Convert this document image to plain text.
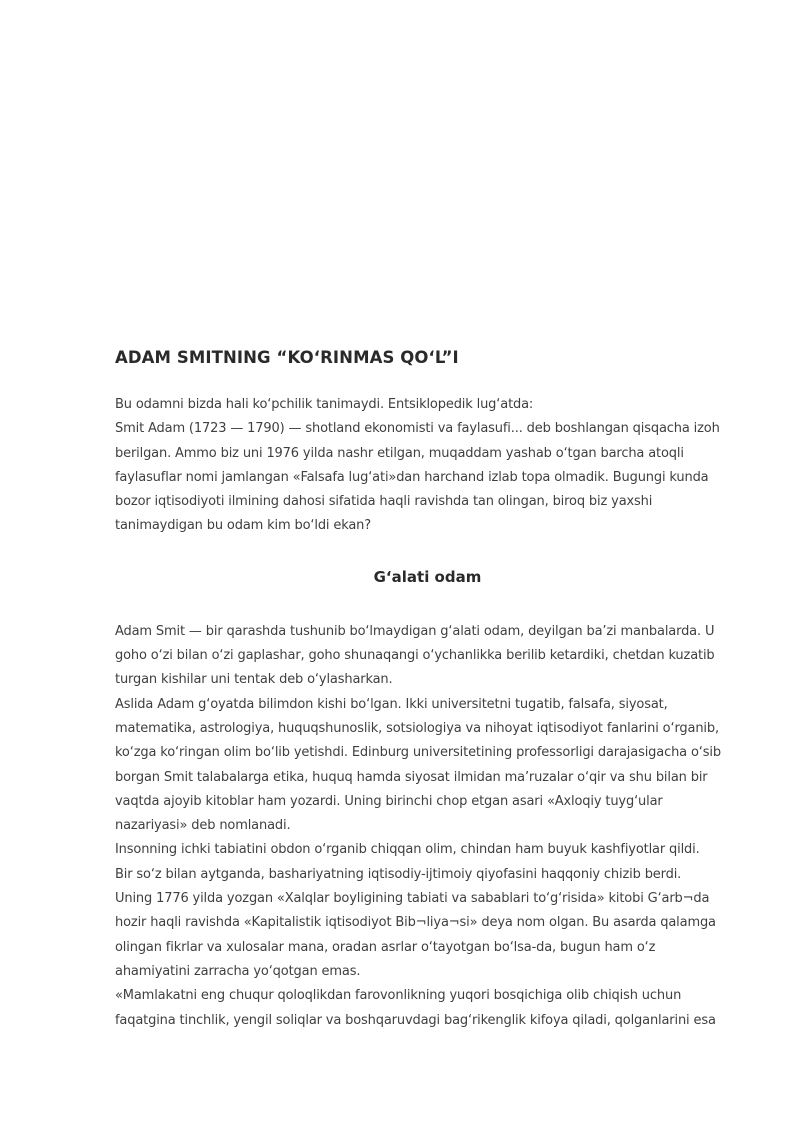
ADAM SMITNING “KO‘RINMAS QO‘L”I

Bu odamni bizda hali ko‘pchilik tanimaydi. Entsiklopedik lug‘atda:
Smit Adam (1723 — 1790) — shotland ekonomisti va faylasufi... deb boshlangan qisqacha izoh
berilgan. Ammo biz uni 1976 yilda nashr etilgan, muqaddam yashab o‘tgan barcha atoqli
faylasuflar nomi jamlangan «Falsafa lug‘ati»dan harchand izlab topa olmadik. Bugungi kunda
bozor iqtisodiyoti ilmining dahosi sifatida haqli ravishda tan olingan, biroq biz yaxshi
tanimaydigan bu odam kim bo‘ldi ekan?

G‘alati odam

Adam Smit — bir qarashda tushunib bo‘lmaydigan g‘alati odam, deyilgan ba’zi manbalarda. U
goho o‘zi bilan o‘zi gaplashar, goho shunaqangi o‘ychanlikka berilib ketardiki, chetdan kuzatib
turgan kishilar uni tentak deb o‘ylasharkan.
Aslida Adam g‘oyatda bilimdon kishi bo‘lgan. Ikki universitetni tugatib, falsafa, siyosat,
matematika, astrologiya, huquqshunoslik, sotsiologiya va nihoyat iqtisodiyot fanlarini o‘rganib,
ko‘zga ko‘ringan olim bo‘lib yetishdi. Edinburg universitetining professorligi darajasigacha o‘sib
borgan Smit talabalarga etika, huquq hamda siyosat ilmidan ma’ruzalar o‘qir va shu bilan bir
vaqtda ajoyib kitoblar ham yozardi. Uning birinchi chop etgan asari «Axloqiy tuyg‘ular
nazariyasi» deb nomlanadi.
Insonning ichki tabiatini obdon o‘rganib chiqqan olim, chindan ham buyuk kashfiyotlar qildi.
Bir so‘z bilan aytganda, bashariyatning iqtisodiy-ijtimoiy qiyofasini haqqoniy chizib berdi.
Uning 1776 yilda yozgan «Xalqlar boyligining tabiati va sabablari to‘g‘risida» kitobi G‘arb¬da
hozir haqli ravishda «Kapitalistik iqtisodiyot Bib¬liya¬si» deya nom olgan. Bu asarda qalamga
olingan fikrlar va xulosalar mana, oradan asrlar o‘tayotgan bo‘lsa-da, bugun ham o‘z
ahamiyatini zarracha yo‘qotgan emas.
«Mamlakatni eng chuqur qoloqlikdan farovonlikning yuqori bosqichiga olib chiqish uchun
faqatgina tinchlik, yengil soliqlar va boshqaruvdagi bag‘rikenglik kifoya qiladi, qolganlarini esa
